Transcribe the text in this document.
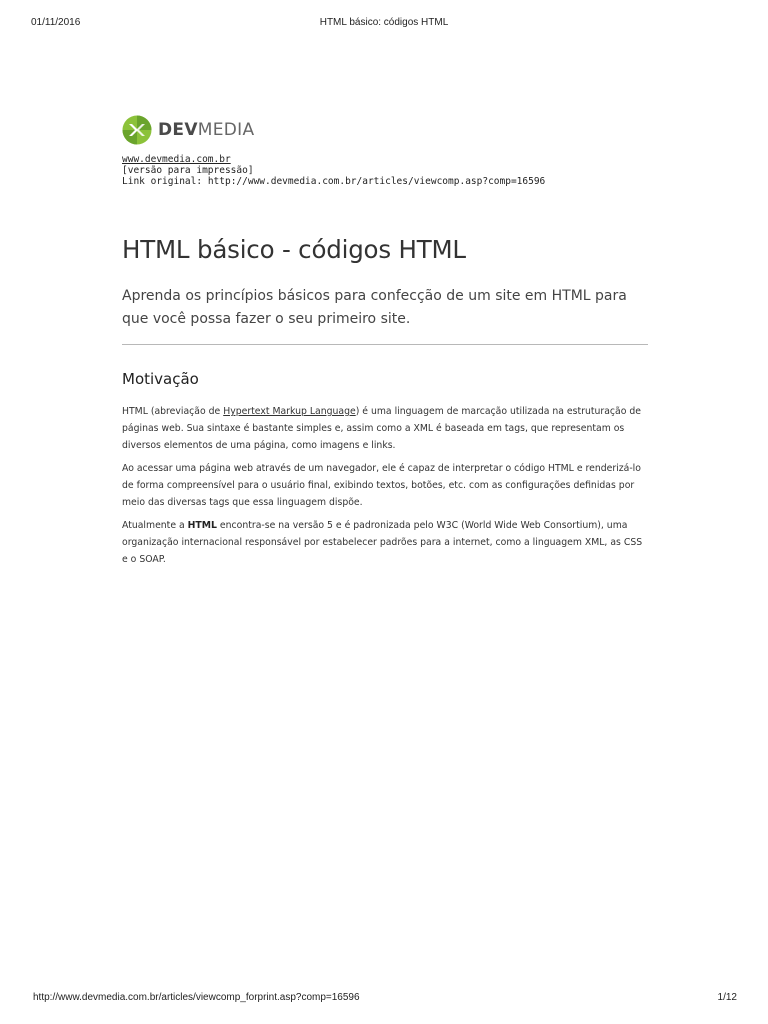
01/11/2016	HTML básico: códigos HTML
DEVMEDIA
www.devmedia.com.br
[versão para impressão]
Link original: http://www.devmedia.com.br/articles/viewcomp.asp?comp=16596
HTML básico - códigos HTML

Aprenda os princípios básicos para confecção de um site em HTML para que você possa fazer o seu primeiro site.

Motivação

HTML (abreviação de Hypertext Markup Language) é uma linguagem de marcação utilizada na estruturação de páginas web. Sua sintaxe é bastante simples e, assim como a XML é baseada em tags, que representam os diversos elementos de uma página, como imagens e links.

Ao acessar uma página web através de um navegador, ele é capaz de interpretar o código HTML e renderizá-lo de forma compreensível para o usuário final, exibindo textos, botões, etc. com as configurações definidas por meio das diversas tags que essa linguagem dispõe.

Atualmente a HTML encontra-se na versão 5 e é padronizada pelo W3C (World Wide Web Consortium), uma organização internacional responsável por estabelecer padrões para a internet, como a linguagem XML, as CSS e o SOAP.

http://www.devmedia.com.br/articles/viewcomp_forprint.asp?comp=16596	1/12
